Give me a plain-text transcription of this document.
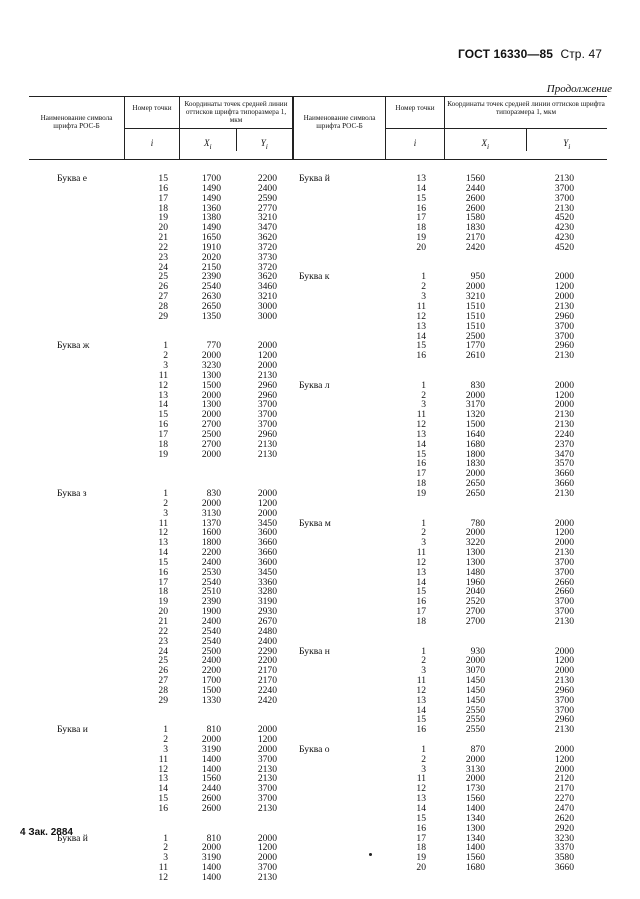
ГОСТ 16330—85 Стр. 47
Продолжение
Наименование символа шрифта РОС-Б
Номер точки
i
Координаты точек средней линии оттисков шрифта типоразмера 1, мкм
$X_i$	$Y_i$
Наименование символа шрифта РОС-Б
Номер точки
i
Координаты точек средней линии оттисков шрифта типоразмера 1, мкм
$X_i$	$Y_i$
Буква е
Буква ж
Буква з
Буква и
Буква й
15
16
17
18
19
20
21
22
23
24
25
26
27
28
29
1
2
3
11
12
13
14
15
16
17
18
19
1
2
3
11
12
13
14
15
16
17
18
19
20
21
22
23
24
25
26
27
28
29
1
2
3
11
12
13
14
15
16
1
2
3
11
12
1700
1490
1490
1360
1380
1490
1650
1910
2020
2150
2390
2540
2630
2650
1350
770
2000
3230
1300
1500
2000
1300
2000
2700
2500
2700
2000
830
2000
3130
1370
1600
1800
2200
2400
2530
2540
2510
2390
1900
2400
2540
2540
2500
2400
2200
1700
1500
1330
810
2000
3190
1400
1400
1560
2440
2600
2600
810
2000
3190
1400
1400
2200
2400
2590
2770
3210
3470
3620
3720
3730
3720
3620
3460
3210
3000
3000
2000
1200
2000
2130
2960
2960
3700
3700
3700
2960
2130
2130
2000
1200
2000
3450
3600
3660
3660
3600
3450
3360
3280
3190
2930
2670
2480
2400
2290
2200
2170
2170
2240
2420
2000
1200
2000
3700
2130
2130
3700
3700
2130
2000
1200
2000
3700
2130
Буква й
Буква к
Буква л
Буква м
Буква н
Буква о
13
14
15
16
17
18
19
20
1
2
3
11
12
13
14
15
16
1
2
3
11
12
13
14
15
16
17
18
19
1
2
3
11
12
13
14
15
16
17
18
1
2
3
11
12
13
14
15
16
1
2
3
11
12
13
14
15
16
17
18
19
20
1560
2440
2600
2600
1580
1830
2170
2420
950
2000
3210
1510
1510
1510
2500
1770
2610
830
2000
3170
1320
1500
1640
1680
1800
1830
2000
2650
2650
780
2000
3220
1300
1300
1480
1960
2040
2520
2700
2700
930
2000
3070
1450
1450
1450
2550
2550
2550
870
2000
3130
2000
1730
1560
1400
1340
1300
1340
1400
1560
1680
2130
3700
3700
2130
4520
4230
4230
4520
2000
1200
2000
2130
2960
3700
3700
2960
2130
2000
1200
2000
2130
2130
2240
2370
3470
3570
3660
3660
2130
2000
1200
2000
2130
3700
3700
2660
2660
3700
3700
2130
2000
1200
2000
2130
2960
3700
3700
2960
2130
2000
1200
2000
2120
2170
2270
2470
2620
2920
3230
3370
3580
3660
4 Зак. 2884
